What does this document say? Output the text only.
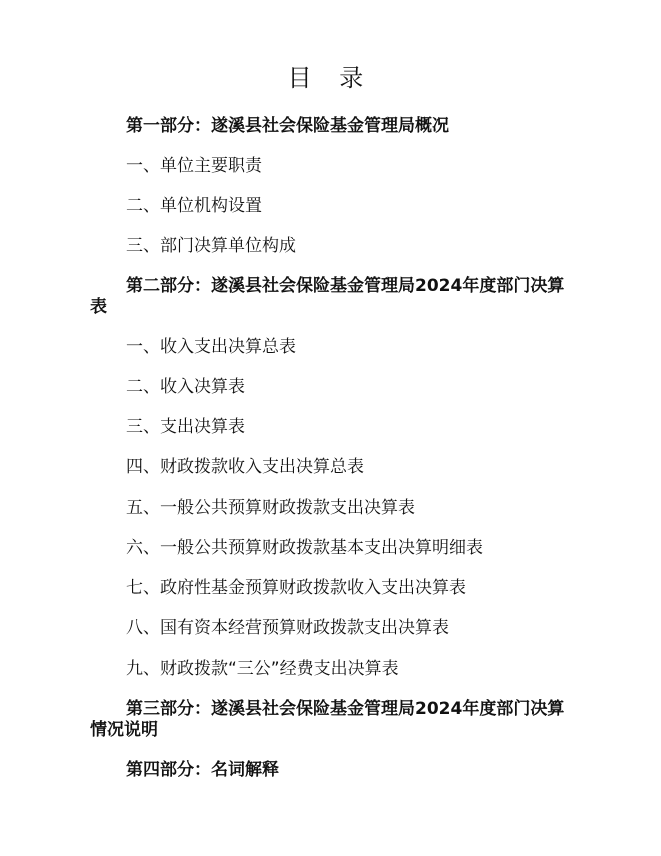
目 录
第一部分：遂溪县社会保险基金管理局概况
一、单位主要职责
二、单位机构设置
三、部门决算单位构成
第二部分：遂溪县社会保险基金管理局2024年度部门决算表
一、收入支出决算总表
二、收入决算表
三、支出决算表
四、财政拨款收入支出决算总表
五、一般公共预算财政拨款支出决算表
六、一般公共预算财政拨款基本支出决算明细表
七、政府性基金预算财政拨款收入支出决算表
八、国有资本经营预算财政拨款支出决算表
九、财政拨款“三公”经费支出决算表
第三部分：遂溪县社会保险基金管理局2024年度部门决算情况说明
第四部分：名词解释
